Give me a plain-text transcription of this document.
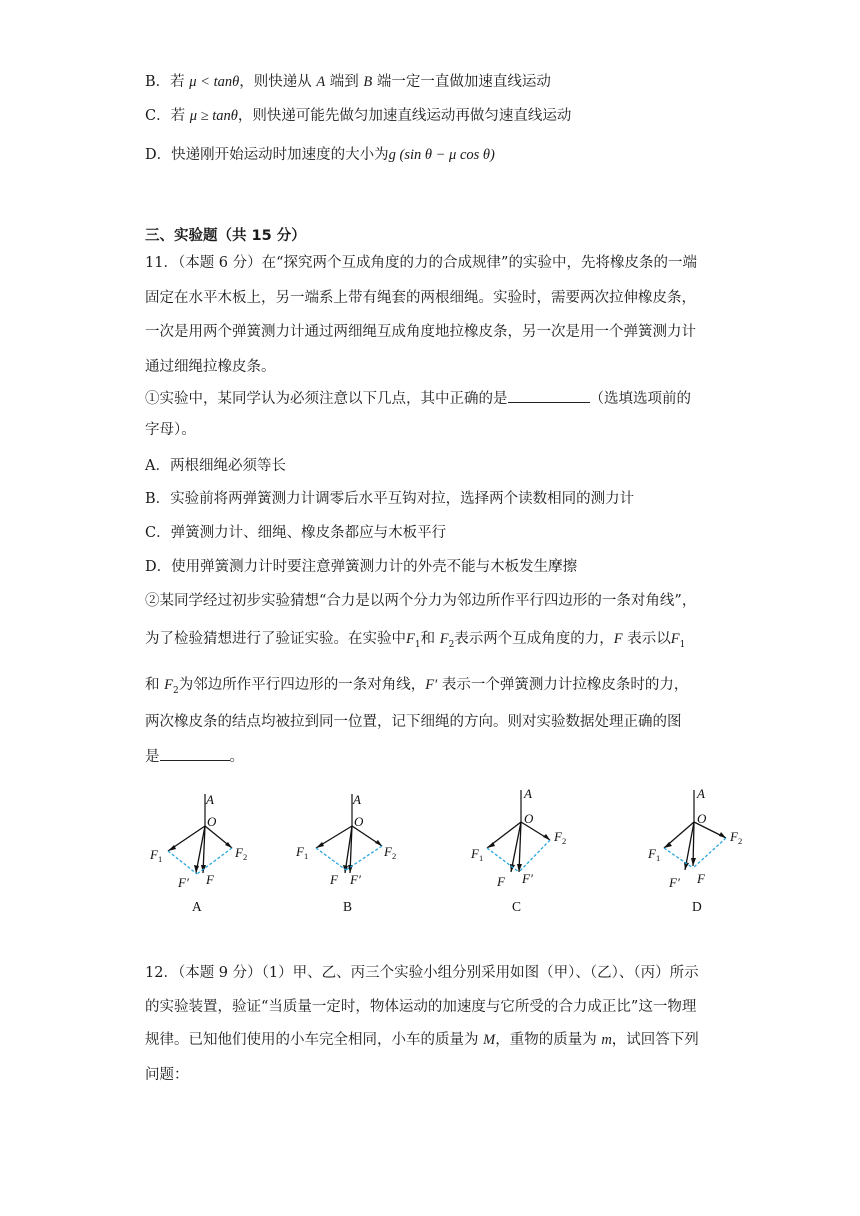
B．若 μ < tanθ，则快递从 A 端到 B 端一定一直做加速直线运动
C．若 μ ≥ tanθ，则快递可能先做匀加速直线运动再做匀速直线运动
D．快递刚开始运动时加速度的大小为g (sin θ − μ cos θ)
三、实验题（共 15 分）
11．（本题 6 分）在“探究两个互成角度的力的合成规律”的实验中，先将橡皮条的一端
固定在水平木板上，另一端系上带有绳套的两根细绳。实验时，需要两次拉伸橡皮条，
一次是用两个弹簧测力计通过两细绳互成角度地拉橡皮条，另一次是用一个弹簧测力计
通过细绳拉橡皮条。
①实验中，某同学认为必须注意以下几点，其中正确的是	（选填选项前的
字母）。
A．两根细绳必须等长
B．实验前将两弹簧测力计调零后水平互钩对拉，选择两个读数相同的测力计
C．弹簧测力计、细绳、橡皮条都应与木板平行
D．使用弹簧测力计时要注意弹簧测力计的外壳不能与木板发生摩擦
②某同学经过初步实验猜想“合力是以两个分力为邻边所作平行四边形的一条对角线”，
为了检验猜想进行了验证实验。在实验中$F_1$和 $F_2$表示两个互成角度的力，F 表示以$F_1$
和 $F_2$为邻边所作平行四边形的一条对角线，F′ 表示一个弹簧测力计拉橡皮条时的力，
两次橡皮条的结点均被拉到同一位置，记下细绳的方向。则对实验数据处理正确的图
是	。
A
O
F 1	F 2
F′ F
A
A
O
F 1	F 2
F F′
B
A
O
F 1
F 2
F F′
C
A
O
F 1
F 2
F′ F
D
12．（本题 9 分）（1）甲、乙、丙三个实验小组分别采用如图（甲）、（乙）、（丙）所示
的实验装置，验证“当质量一定时，物体运动的加速度与它所受的合力成正比”这一物理
规律。已知他们使用的小车完全相同，小车的质量为 M，重物的质量为 m，试回答下列
问题：
